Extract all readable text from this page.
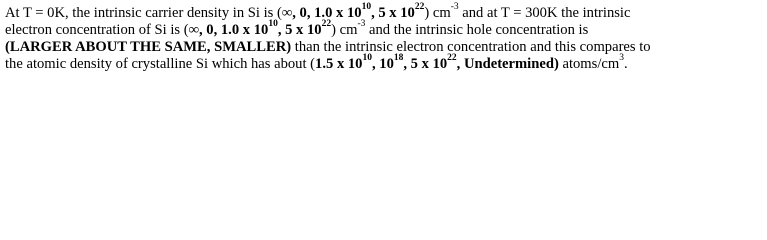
At T = 0K, the intrinsic carrier density in Si is (∞, 0, 1.0 x $10^{10}$, 5 x $10^{22}$) $cm^{-3}$ and at T = 300K the intrinsic
electron concentration of Si is (∞, 0, 1.0 x $10^{10}$, 5 x $10^{22}$) $cm^{-3}$ and the intrinsic hole concentration is
(LARGER ABOUT THE SAME, SMALLER) than the intrinsic electron concentration and this compares to
the atomic density of crystalline Si which has about (1.5 x $10^{10}$, $10^{18}$, 5 x $10^{22}$, Undetermined) atoms/$cm^3$.
